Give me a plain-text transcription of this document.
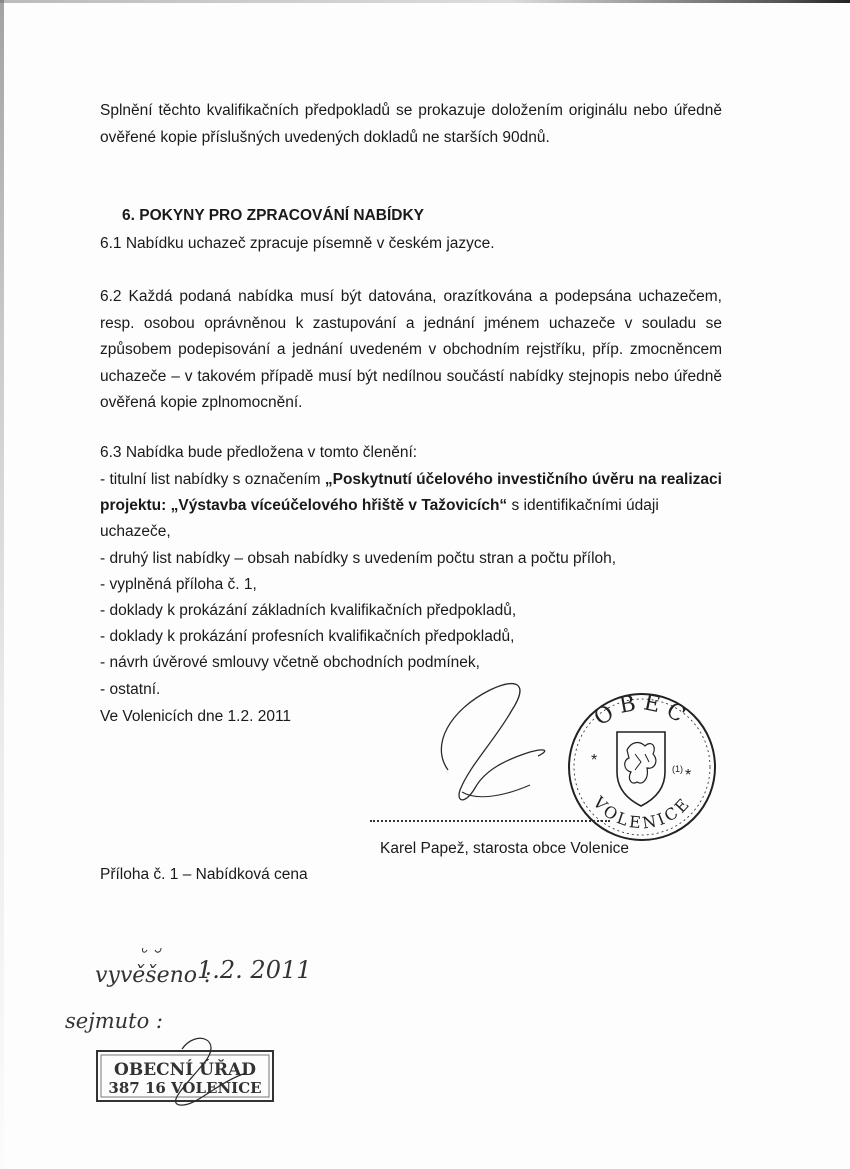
Splnění těchto kvalifikačních předpokladů se prokazuje doložením originálu nebo úředně ověřené kopie příslušných uvedených dokladů ne starších 90dnů.

6. POKYNY PRO ZPRACOVÁNÍ NABÍDKY

6.1 Nabídku uchazeč zpracuje písemně v českém jazyce.

6.2 Každá podaná nabídka musí být datována, orazítkována a podepsána uchazečem, resp. osobou oprávněnou k zastupování a jednání jménem uchazeče v souladu se způsobem podepisování a jednání uvedeném v obchodním rejstříku, příp. zmocněncem uchazeče – v takovém případě musí být nedílnou součástí nabídky stejnopis nebo úředně ověřená kopie zplnomocnění.

6.3 Nabídka bude předložena v tomto členění:

- titulní list nabídky s označením „Poskytnutí účelového investičního úvěru na realizaci projektu: „Výstavba víceúčelového hřiště v Tažovicích“ s identifikačními údaji uchazeče,
- druhý list nabídky – obsah nabídky s uvedením počtu stran a počtu příloh,
- vyplněná příloha č. 1,
- doklady k prokázání základních kvalifikačních předpokladů,
- doklady k prokázání profesních kvalifikačních předpokladů,
- návrh úvěrové smlouvy včetně obchodních podmínek,
- ostatní.

Ve Volenicích dne 1.2. 2011	OBEC
VOLENICE
*
*
(1)

Karel Papež, starosta obce Volenice

Příloha č. 1 – Nabídková cena

vyvěšeno :
1.2. 2011
sejmuto :
OBECNÍ ÚŘAD
387 16 VOLENICE
